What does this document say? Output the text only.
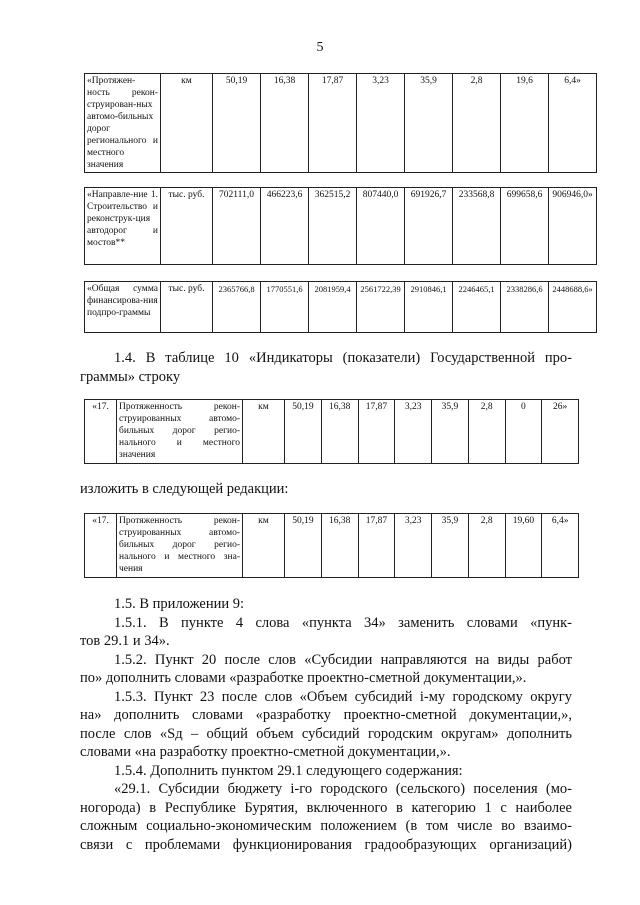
5
«Протяжен-ность рекон-струирован-ных автомо-бильных дорог регионального и местного значения	км	50,19	16,38	17,87	3,23	35,9	2,8	19,6	6,4»
«Направле-ние 1. Строительство и реконструк-ция автодорог и мостов**	тыс. руб.	702111,0	466223,6	362515,2	807440,0	691926,7	233568,8	699658,6	906946,0»
«Общая сумма финансирова-ния подпро-граммы	тыс. руб.	2365766,8	1770551,6	2081959,4	2561722,39	2910846,1	2246465,1	2338286,6	2448688,6»
1.4. В таблице 10 «Индикаторы (показатели) Государственной про-
граммы» строку
«17.	Протяженность рекон-струированных автомо-бильных дорог регио-нального и местного значения	км	50,19	16,38	17,87	3,23	35,9	2,8	0	26»
изложить в следующей редакции:
«17.	Протяженность рекон-струированных автомо-бильных дорог регио-нального и местного зна-чения	км	50,19	16,38	17,87	3,23	35,9	2,8	19,60	6,4»
1.5. В приложении 9:
1.5.1. В пункте 4 слова «пункта 34» заменить словами «пунк-
тов 29.1 и 34».
1.5.2. Пункт 20 после слов «Субсидии направляются на виды работ
по» дополнить словами «разработке проектно-сметной документации,».
1.5.3. Пункт 23 после слов «Объем субсидий i-му городскому округу
на» дополнить словами «разработку проектно-сметной документации,»,
после слов «Sд – общий объем субсидий городским округам» дополнить
словами «на разработку проектно-сметной документации,».
1.5.4. Дополнить пунктом 29.1 следующего содержания:
«29.1. Субсидии бюджету i-го городского (сельского) поселения (мо-
ногорода) в Республике Бурятия, включенного в категорию 1 с наиболее
сложным социально-экономическим положением (в том числе во взаимо-
связи с проблемами функционирования градообразующих организаций)
